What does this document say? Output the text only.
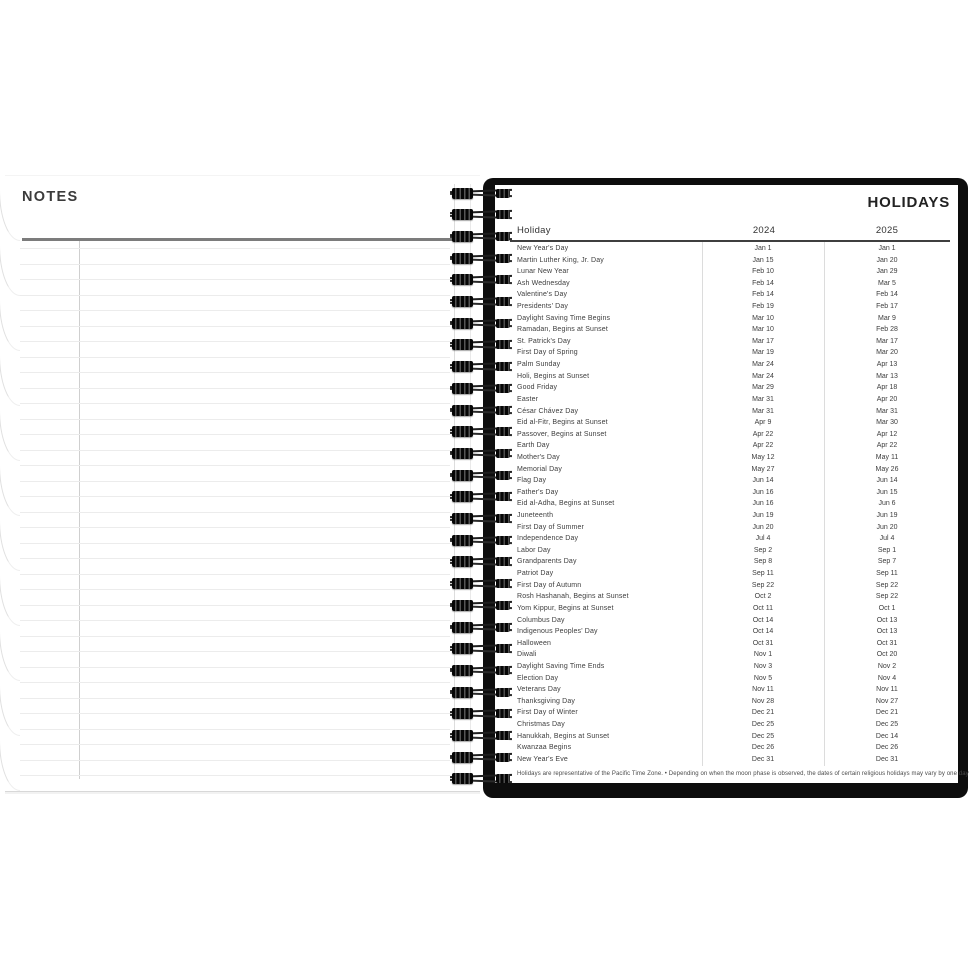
NOTES	HOLIDAYS
Holiday	2024	2025
New Year's Day	Jan 1	Jan 1
Martin Luther King, Jr. Day	Jan 15	Jan 20
Lunar New Year	Feb 10	Jan 29
Ash Wednesday	Feb 14	Mar 5
Valentine's Day	Feb 14	Feb 14
Presidents' Day	Feb 19	Feb 17
Daylight Saving Time Begins	Mar 10	Mar 9
Ramadan, Begins at Sunset	Mar 10	Feb 28
St. Patrick's Day	Mar 17	Mar 17
First Day of Spring	Mar 19	Mar 20
Palm Sunday	Mar 24	Apr 13
Holi, Begins at Sunset	Mar 24	Mar 13
Good Friday	Mar 29	Apr 18
Easter	Mar 31	Apr 20
César Chávez Day	Mar 31	Mar 31
Eid al-Fitr, Begins at Sunset	Apr 9	Mar 30
Passover, Begins at Sunset	Apr 22	Apr 12
Earth Day	Apr 22	Apr 22
Mother's Day	May 12	May 11
Memorial Day	May 27	May 26
Flag Day	Jun 14	Jun 14
Father's Day	Jun 16	Jun 15
Eid al-Adha, Begins at Sunset	Jun 16	Jun 6
Juneteenth	Jun 19	Jun 19
First Day of Summer	Jun 20	Jun 20
Independence Day	Jul 4	Jul 4
Labor Day	Sep 2	Sep 1
Grandparents Day	Sep 8	Sep 7
Patriot Day	Sep 11	Sep 11
First Day of Autumn	Sep 22	Sep 22
Rosh Hashanah, Begins at Sunset	Oct 2	Sep 22
Yom Kippur, Begins at Sunset	Oct 11	Oct 1
Columbus Day	Oct 14	Oct 13
Indigenous Peoples' Day	Oct 14	Oct 13
Halloween	Oct 31	Oct 31
Diwali	Nov 1	Oct 20
Daylight Saving Time Ends	Nov 3	Nov 2
Election Day	Nov 5	Nov 4
Veterans Day	Nov 11	Nov 11
Thanksgiving Day	Nov 28	Nov 27
First Day of Winter	Dec 21	Dec 21
Christmas Day	Dec 25	Dec 25
Hanukkah, Begins at Sunset	Dec 25	Dec 14
Kwanzaa Begins	Dec 26	Dec 26
New Year's Eve	Dec 31	Dec 31
Holidays are representative of the Pacific Time Zone. • Depending on when the moon phase is observed, the dates of certain religious holidays may vary by one day
